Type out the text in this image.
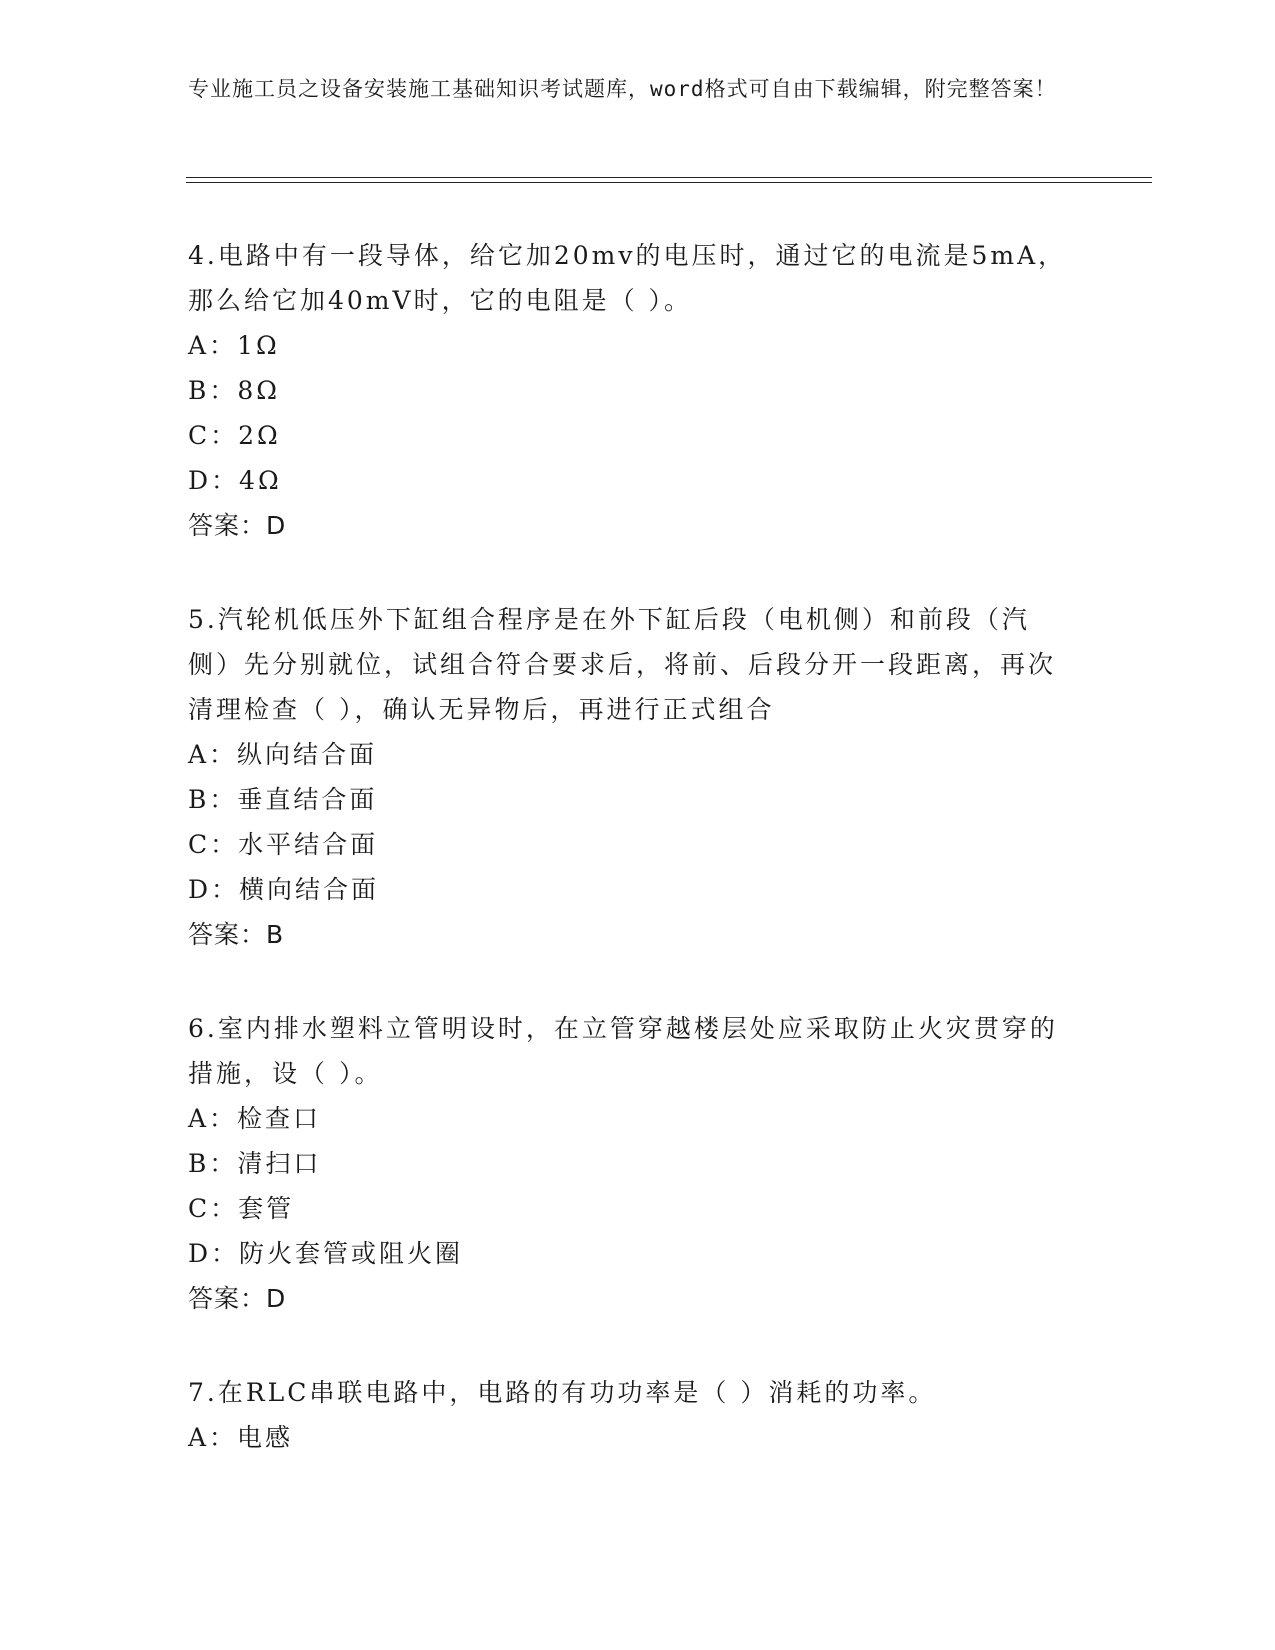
专业施工员之设备安装施工基础知识考试题库，word格式可自由下载编辑，附完整答案！

4.电路中有一段导体，给它加20mv的电压时，通过它的电流是5mA，那么给它加40mV时，它的电阻是（ ）。

A：1Ω

B：8Ω

C：2Ω

D：4Ω

答案：D

5.汽轮机低压外下缸组合程序是在外下缸后段（电机侧）和前段（汽侧）先分别就位，试组合符合要求后，将前、后段分开一段距离，再次清理检查（ ），确认无异物后，再进行正式组合

A：纵向结合面

B：垂直结合面

C：水平结合面

D：横向结合面

答案：B

6.室内排水塑料立管明设时，在立管穿越楼层处应采取防止火灾贯穿的措施，设（ ）。

A：检查口

B：清扫口

C：套管

D：防火套管或阻火圈

答案：D

7.在RLC串联电路中，电路的有功功率是（ ）消耗的功率。

A：电感
